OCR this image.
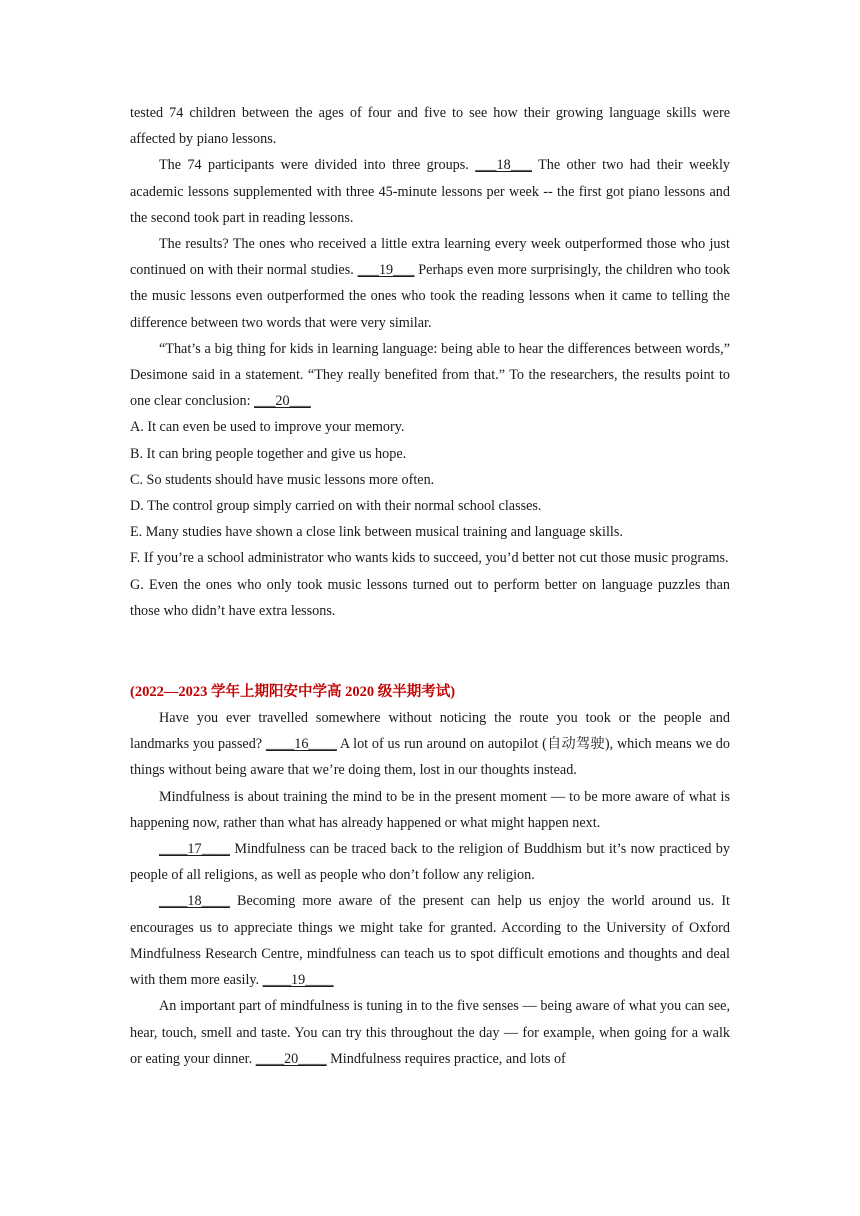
tested 74 children between the ages of four and five to see how their growing language skills were affected by piano lessons.

The 74 participants were divided into three groups. ___18___ The other two had their weekly academic lessons supplemented with three 45-minute lessons per week -- the first got piano lessons and the second took part in reading lessons.

The results? The ones who received a little extra learning every week outperformed those who just continued on with their normal studies. ___19___ Perhaps even more surprisingly, the children who took the music lessons even outperformed the ones who took the reading lessons when it came to telling the difference between two words that were very similar.

“That’s a big thing for kids in learning language: being able to hear the differences between words,” Desimone said in a statement. “They really benefited from that.” To the researchers, the results point to one clear conclusion: ___20___

A. It can even be used to improve your memory.

B. It can bring people together and give us hope.

C. So students should have music lessons more often.

D. The control group simply carried on with their normal school classes.

E. Many studies have shown a close link between musical training and language skills.

F. If you’re a school administrator who wants kids to succeed, you’d better not cut those music programs.

G. Even the ones who only took music lessons turned out to perform better on language puzzles than those who didn’t have extra lessons.

(2022—2023 学年上期阳安中学高 2020 级半期考试)

Have you ever travelled somewhere without noticing the route you took or the people and landmarks you passed? ____16____ A lot of us run around on autopilot (自动驾驶), which means we do things without being aware that we’re doing them, lost in our thoughts instead.

Mindfulness is about training the mind to be in the present moment — to be more aware of what is happening now, rather than what has already happened or what might happen next.

____17____ Mindfulness can be traced back to the religion of Buddhism but it’s now practiced by people of all religions, as well as people who don’t follow any religion.

____18____ Becoming more aware of the present can help us enjoy the world around us. It encourages us to appreciate things we might take for granted. According to the University of Oxford Mindfulness Research Centre, mindfulness can teach us to spot difficult emotions and thoughts and deal with them more easily. ____19____

An important part of mindfulness is tuning in to the five senses — being aware of what you can see, hear, touch, smell and taste. You can try this throughout the day — for example, when going for a walk or eating your dinner. ____20____ Mindfulness requires practice, and lots of
